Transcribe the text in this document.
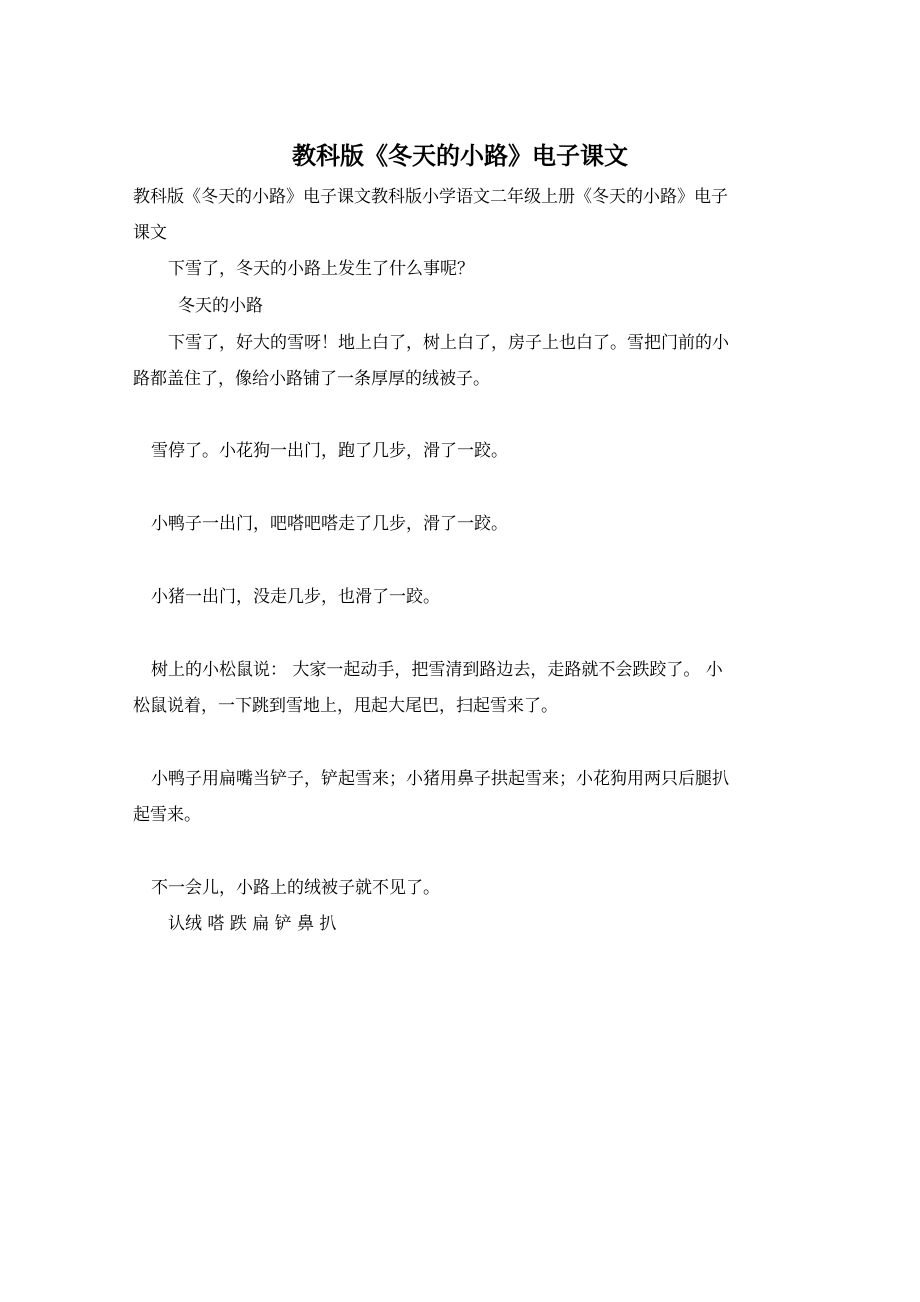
教科版《冬天的小路》电子课文
教科版《冬天的小路》电子课文教科版小学语文二年级上册《冬天的小路》电子
课文
下雪了，冬天的小路上发生了什么事呢？
冬天的小路
下雪了，好大的雪呀！地上白了，树上白了，房子上也白了。雪把门前的小
路都盖住了，像给小路铺了一条厚厚的绒被子。
雪停了。小花狗一出门，跑了几步，滑了一跤。
小鸭子一出门，吧嗒吧嗒走了几步，滑了一跤。
小猪一出门，没走几步，也滑了一跤。
树上的小松鼠说： 大家一起动手，把雪清到路边去，走路就不会跌跤了。 小
松鼠说着，一下跳到雪地上，甩起大尾巴，扫起雪来了。
小鸭子用扁嘴当铲子，铲起雪来；小猪用鼻子拱起雪来；小花狗用两只后腿扒
起雪来。
不一会儿，小路上的绒被子就不见了。
认绒 嗒 跌 扁 铲 鼻 扒
